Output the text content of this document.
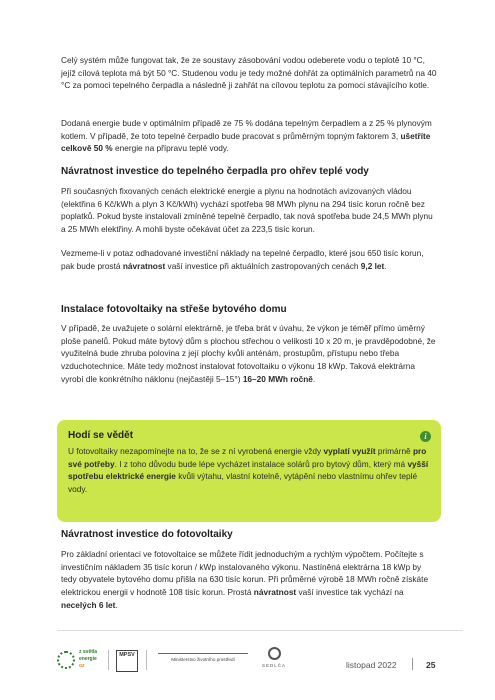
Celý systém může fungovat tak, že ze soustavy zásobování vodou odeberete vodu o teplotě 10 °C, jejíž cílová teplota má být 50 °C. Studenou vodu je tedy možné dohřát za optimálních parametrů na 40 °C za pomoci tepelného čerpadla a následně ji zahřát na cílovou teplotu za pomoci stávajícího kotle.

Dodaná energie bude v optimálním případě ze 75 % dodána tepelným čerpadlem a z 25 % plynovým kotlem. V případě, že toto tepelné čerpadlo bude pracovat s průměrným topným faktorem 3, ušetříte celkově 50 % energie na přípravu teplé vody.

Návratnost investice do tepelného čerpadla pro ohřev teplé vody

Při současných fixovaných cenách elektrické energie a plynu na hodnotách avizovaných vládou (elektřina 6 Kč/kWh a plyn 3 Kč/kWh) vychází spotřeba 98 MWh plynu na 294 tisíc korun ročně bez poplatků. Pokud byste instalovali zmíněné tepelné čerpadlo, tak nová spotřeba bude 24,5 MWh plynu a 25 MWh elektřiny. A mohli byste očekávat účet za 223,5 tisíc korun.

Vezmeme-li v potaz odhadované investiční náklady na tepelné čerpadlo, které jsou 650 tisíc korun, pak bude prostá návratnost vaší investice při aktuálních zastropovaných cenách 9,2 let.

Instalace fotovoltaiky na střeše bytového domu

V případě, že uvažujete o solární elektrárně, je třeba brát v úvahu, že výkon je téměř přímo úměrný ploše panelů. Pokud máte bytový dům s plochou střechou o velikosti 10 x 20 m, je pravděpodobné, že využitelná bude zhruba polovina z její plochy kvůli anténám, prostupům, přístupu nebo třeba vzduchotechnice. Máte tedy možnost instalovat fotovoltaiku o výkonu 18 kWp. Taková elektrárna vyrobí dle konkrétního náklonu (nejčastěji 5–15°) 16–20 MWh ročně.

Návratnost investice do fotovoltaiky

Pro základní orientaci ve fotovoltaice se můžete řídit jednoduchým a rychlým výpočtem. Počítejte s investičním nákladem 35 tisíc korun / kWp instalovaného výkonu. Nastíněná elektrárna 18 kWp by tedy obyvatele bytového domu přišla na 630 tisíc korun. Při průměrné výrobě 18 MWh ročně získáte elektrickou energii v hodnotě 108 tisíc korun. Prostá návratnost vaší investice tak vychází na necelých 6 let.

Hodí se vědět	i

U fotovoltaiky nezapomínejte na to, že se z ní vyrobená energie vždy vyplatí využít primárně pro své potřeby. I z toho důvodu bude lépe vycházet instalace solárů pro bytový dům, který má vyšší spotřebu elektrické energie kvůli výtahu, vlastní kotelně, vytápění nebo vlastnímu ohřev teplé vody.

z světla
energie
oz
MPSV
Ministerstvo životního prostředí
SEDLČA	listopad 2022	25
